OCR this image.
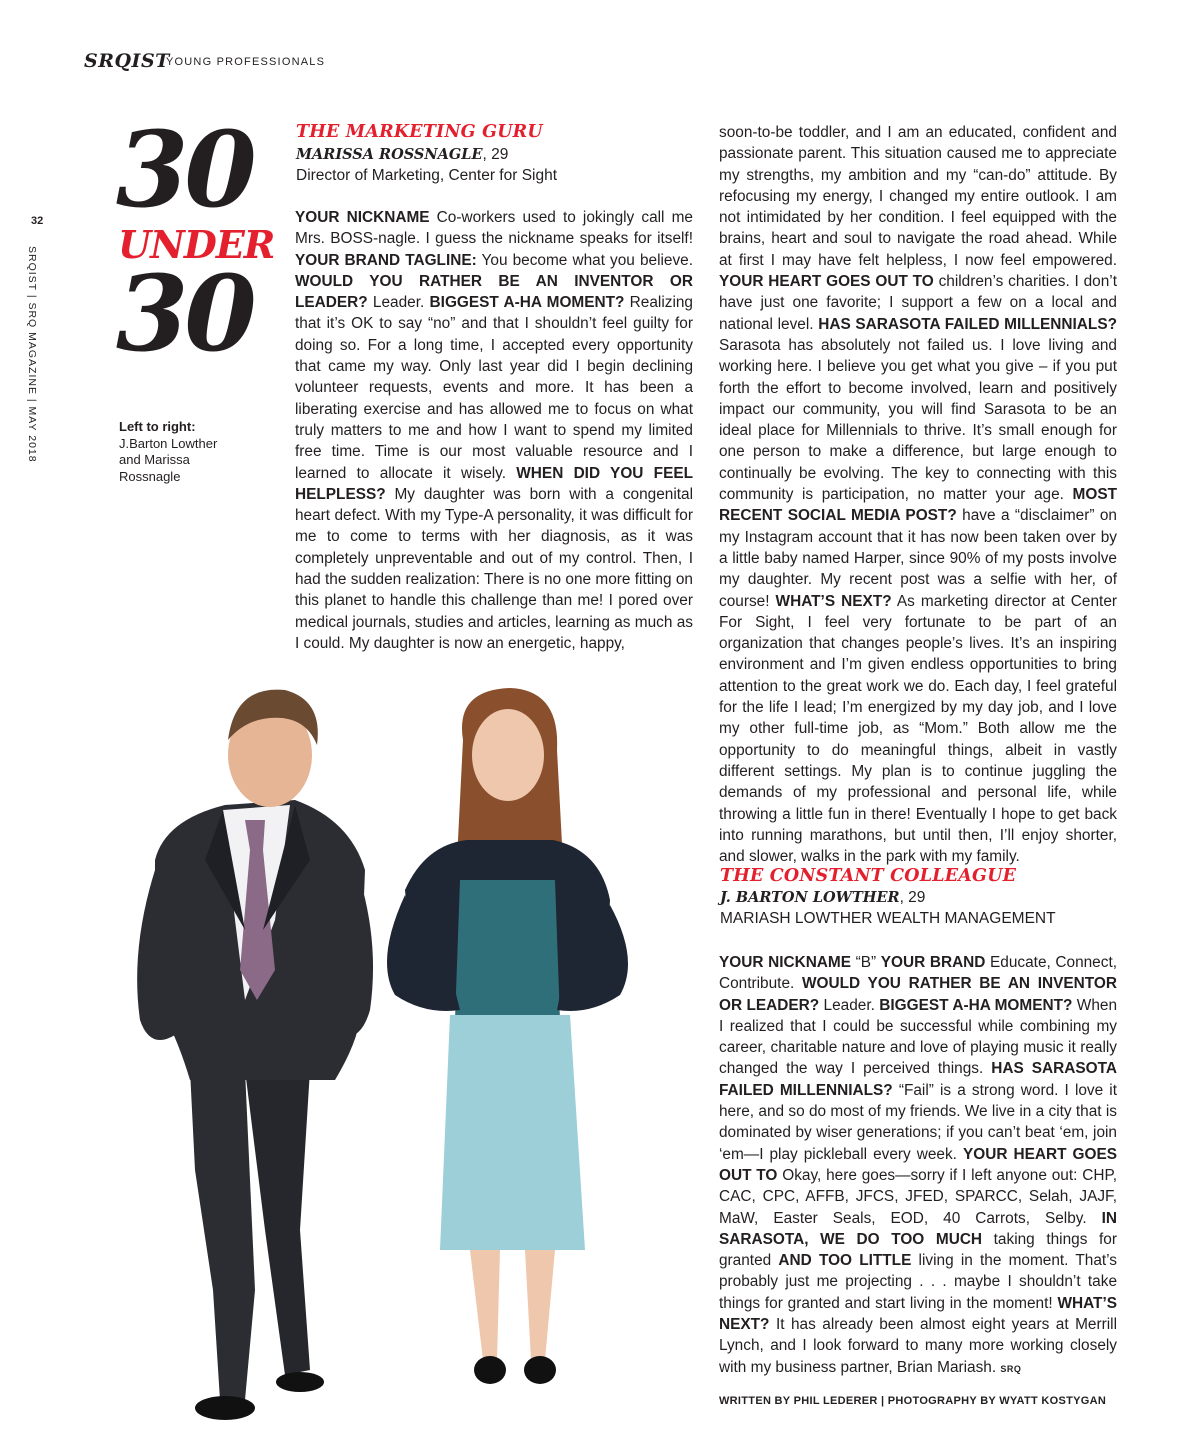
SRQIST
YOUNG PROFESSIONALS
32
SRQIST | SRQ MAGAZINE | MAY 2018
30
UNDER
30
Left to right:
J.Barton Lowther and Marissa Rossnagle
THE MARKETING GURU
MARISSA ROSSNAGLE, 29
Director of Marketing, Center for Sight
YOUR NICKNAME Co-workers used to jokingly call me Mrs. BOSS-nagle. I guess the nickname speaks for itself! YOUR BRAND TAGLINE: You become what you believe. WOULD YOU RATHER BE AN INVENTOR OR LEADER? Leader. BIGGEST A-HA MOMENT? Realizing that it’s OK to say “no” and that I shouldn’t feel guilty for doing so. For a long time, I accepted every opportunity that came my way. Only last year did I begin declining volunteer requests, events and more. It has been a liberating exercise and has allowed me to focus on what truly matters to me and how I want to spend my limited free time. Time is our most valuable resource and I learned to allocate it wisely. WHEN DID YOU FEEL HELPLESS? My daughter was born with a congenital heart defect. With my Type-A personality, it was difficult for me to come to terms with her diagnosis, as it was completely unpreventable and out of my control. Then, I had the sudden realization: There is no one more fitting on this planet to handle this challenge than me! I pored over medical journals, studies and articles, learning as much as I could. My daughter is now an energetic, happy,
soon-to-be toddler, and I am an educated, confident and passionate parent. This situation caused me to appreciate my strengths, my ambition and my “can-do” attitude. By refocusing my energy, I changed my entire outlook. I am not intimidated by her condition. I feel equipped with the brains, heart and soul to navigate the road ahead. While at first I may have felt helpless, I now feel empowered. YOUR HEART GOES OUT TO children’s charities. I don’t have just one favorite; I support a few on a local and national level. HAS SARASOTA FAILED MILLENNIALS? Sarasota has absolutely not failed us. I love living and working here. I believe you get what you give – if you put forth the effort to become involved, learn and positively impact our community, you will find Sarasota to be an ideal place for Millennials to thrive. It’s small enough for one person to make a difference, but large enough to continually be evolving. The key to connecting with this community is participation, no matter your age. MOST RECENT SOCIAL MEDIA POST? have a “disclaimer” on my Instagram account that it has now been taken over by a little baby named Harper, since 90% of my posts involve my daughter. My recent post was a selfie with her, of course! WHAT’S NEXT? As marketing director at Center For Sight, I feel very fortunate to be part of an organization that changes people’s lives. It’s an inspiring environment and I’m given endless opportunities to bring attention to the great work we do. Each day, I feel grateful for the life I lead; I’m energized by my day job, and I love my other full-time job, as “Mom.” Both allow me the opportunity to do meaningful things, albeit in vastly different settings. My plan is to continue juggling the demands of my professional and personal life, while throwing a little fun in there! Eventually I hope to get back into running marathons, but until then, I’ll enjoy shorter, and slower, walks in the park with my family.
THE CONSTANT COLLEAGUE
J. BARTON LOWTHER, 29
MARIASH LOWTHER WEALTH MANAGEMENT
YOUR NICKNAME “B” YOUR BRAND Educate, Connect, Contribute. WOULD YOU RATHER BE AN INVENTOR OR LEADER? Leader. BIGGEST A-HA MOMENT? When I realized that I could be successful while combining my career, charitable nature and love of playing music it really changed the way I perceived things. HAS SARASOTA FAILED MILLENNIALS? “Fail” is a strong word. I love it here, and so do most of my friends. We live in a city that is dominated by wiser generations; if you can’t beat ‘em, join ‘em—I play pickleball every week. YOUR HEART GOES OUT TO Okay, here goes—sorry if I left anyone out: CHP, CAC, CPC, AFFB, JFCS, JFED, SPARCC, Selah, JAJF, MaW, Easter Seals, EOD, 40 Carrots, Selby. IN SARASOTA, WE DO TOO MUCH taking things for granted AND TOO LITTLE living in the moment. That’s probably just me projecting . . . maybe I shouldn’t take things for granted and start living in the moment! WHAT’S NEXT? It has already been almost eight years at Merrill Lynch, and I look forward to many more working closely with my business partner, Brian Mariash. SRQ
WRITTEN BY PHIL LEDERER | PHOTOGRAPHY BY WYATT KOSTYGAN
